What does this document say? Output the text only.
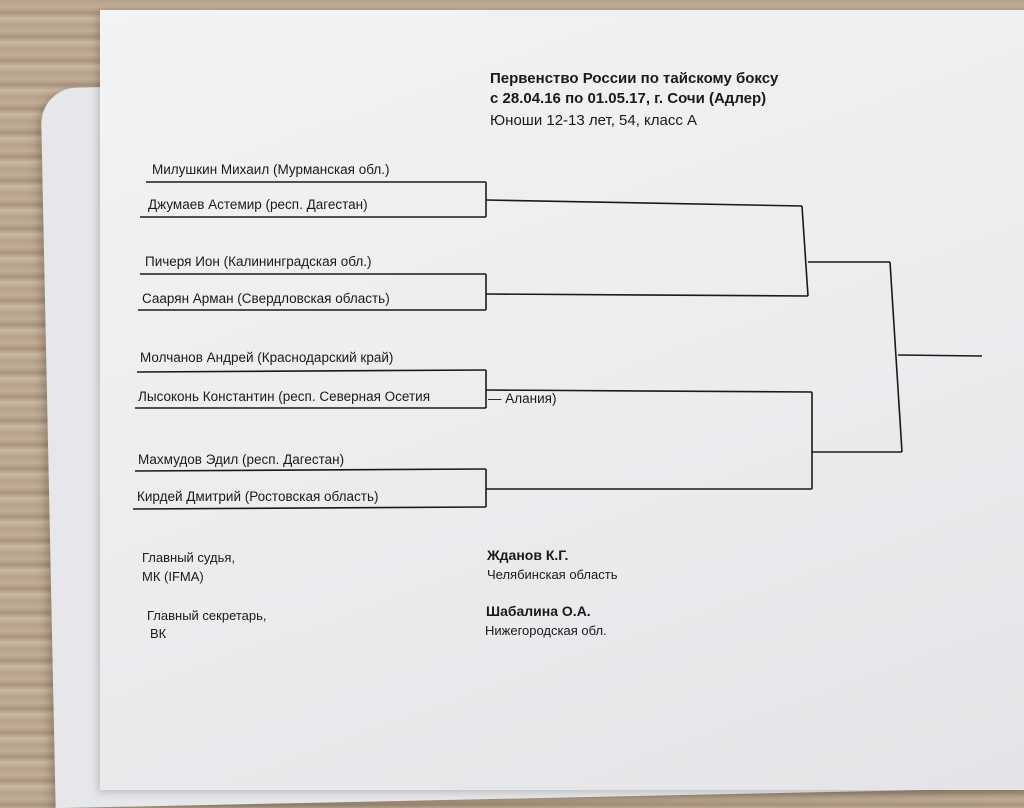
Первенство России по тайскому боксу
с 28.04.16 по 01.05.17, г. Сочи (Адлер)
Юноши 12-13 лет, 54, класс А
Милушкин Михаил (Мурманская обл.)
Джумаев Астемир (респ. Дагестан)
Пичеря Ион (Калининградская обл.)
Саарян Арман (Свердловская область)
Молчанов Андрей (Краснодарский край)
Лысоконь Константин (респ. Северная Осетия	— Алания)
Махмудов Эдил (респ. Дагестан)
Кирдей Дмитрий (Ростовская область)
Главный судья,
МК (IFMA)
Жданов К.Г.
Челябинская область
Главный секретарь,
ВК
Шабалина О.А.
Нижегородская обл.
